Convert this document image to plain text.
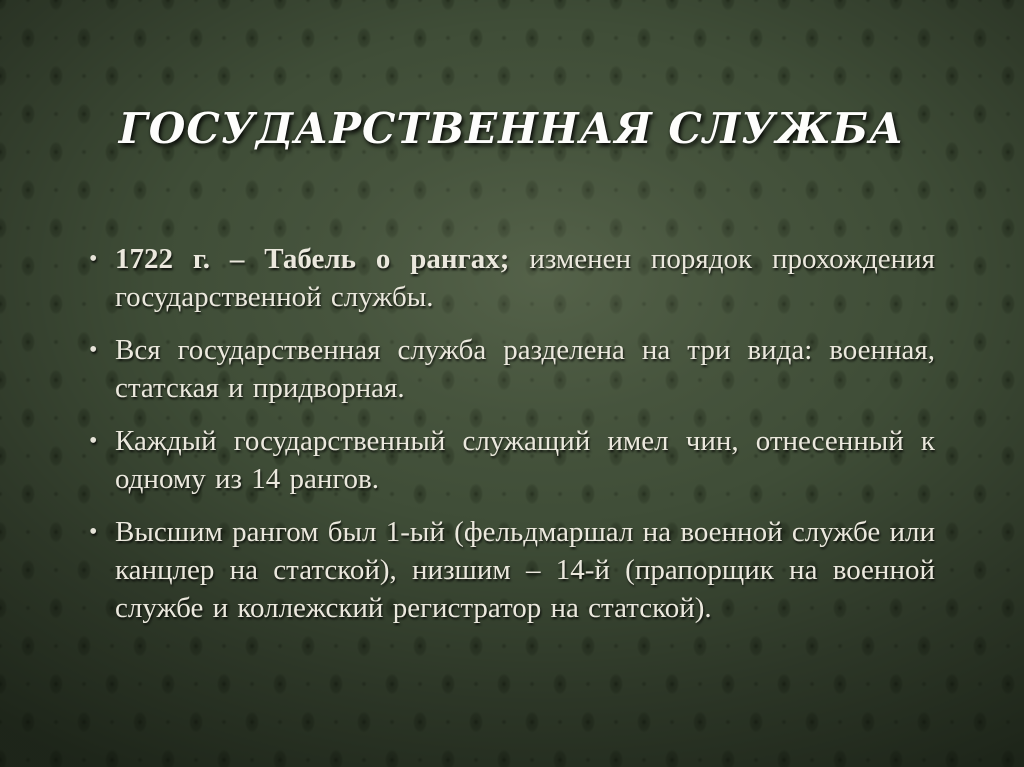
ГОСУДАРСТВЕННАЯ СЛУЖБА
• 1722 г. – Табель о рангах; изменен порядок прохождения государственной службы.
• Вся государственная служба разделена на три вида: военная, статская и придворная.
• Каждый государственный служащий имел чин, отнесенный к одному из 14 рангов.
• Высшим рангом был 1-ый (фельдмаршал на военной службе или канцлер на статской), низшим – 14-й (прапорщик на военной службе и коллежский регистратор на статской).
